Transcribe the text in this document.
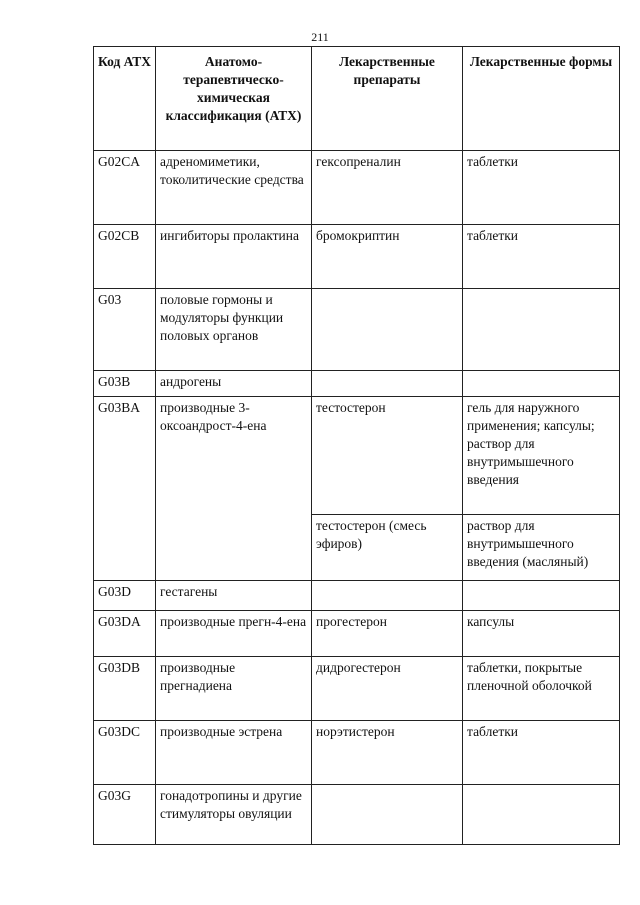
211
Код АТХ	Анатомо-терапевтическо-химическая классификация (АТХ)	Лекарственные препараты	Лекарственные формы
G02CA	адреномиметики, токолитические средства	гексопреналин	таблетки
G02CB	ингибиторы пролактина	бромокриптин	таблетки
G03	половые гормоны и модуляторы функции половых органов		
G03B	андрогены		
G03BA	производные 3-оксоандрост-4-ена	тестостерон	гель для наружного применения; капсулы; раствор для внутримышечного введения
		тестостерон (смесь эфиров)	раствор для внутримышечного введения (масляный)
G03D	гестагены		
G03DA	производные прегн-4-ена	прогестерон	капсулы
G03DB	производные прегнадиена	дидрогестерон	таблетки, покрытые пленочной оболочкой
G03DC	производные эстрена	норэтистерон	таблетки
G03G	гонадотропины и другие стимуляторы овуляции		
